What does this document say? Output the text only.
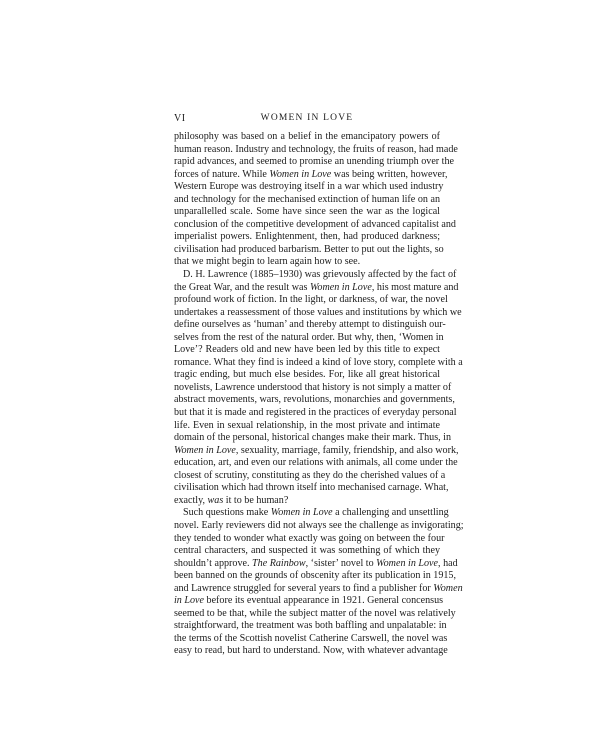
VI	WOMEN IN LOVE
philosophy was based on a belief in the emancipatory powers of
human reason. Industry and technology, the fruits of reason, had made
rapid advances, and seemed to promise an unending triumph over the
forces of nature. While Women in Love was being written, however,
Western Europe was destroying itself in a war which used industry
and technology for the mechanised extinction of human life on an
unparallelled scale. Some have since seen the war as the logical
conclusion of the competitive development of advanced capitalist and
imperialist powers. Enlightenment, then, had produced darkness;
civilisation had produced barbarism. Better to put out the lights, so
that we might begin to learn again how to see.
D. H. Lawrence (1885–1930) was grievously affected by the fact of
the Great War, and the result was Women in Love, his most mature and
profound work of fiction. In the light, or darkness, of war, the novel
undertakes a reassessment of those values and institutions by which we
define ourselves as ‘human’ and thereby attempt to distinguish our-
selves from the rest of the natural order. But why, then, ‘Women in
Love’? Readers old and new have been led by this title to expect
romance. What they find is indeed a kind of love story, complete with a
tragic ending, but much else besides. For, like all great historical
novelists, Lawrence understood that history is not simply a matter of
abstract movements, wars, revolutions, monarchies and governments,
but that it is made and registered in the practices of everyday personal
life. Even in sexual relationship, in the most private and intimate
domain of the personal, historical changes make their mark. Thus, in
Women in Love, sexuality, marriage, family, friendship, and also work,
education, art, and even our relations with animals, all come under the
closest of scrutiny, constituting as they do the cherished values of a
civilisation which had thrown itself into mechanised carnage. What,
exactly, was it to be human?
Such questions make Women in Love a challenging and unsettling
novel. Early reviewers did not always see the challenge as invigorating;
they tended to wonder what exactly was going on between the four
central characters, and suspected it was something of which they
shouldn’t approve. The Rainbow, ‘sister’ novel to Women in Love, had
been banned on the grounds of obscenity after its publication in 1915,
and Lawrence struggled for several years to find a publisher for Women
in Love before its eventual appearance in 1921. General concensus
seemed to be that, while the subject matter of the novel was relatively
straightforward, the treatment was both baffling and unpalatable: in
the terms of the Scottish novelist Catherine Carswell, the novel was
easy to read, but hard to understand. Now, with whatever advantage
